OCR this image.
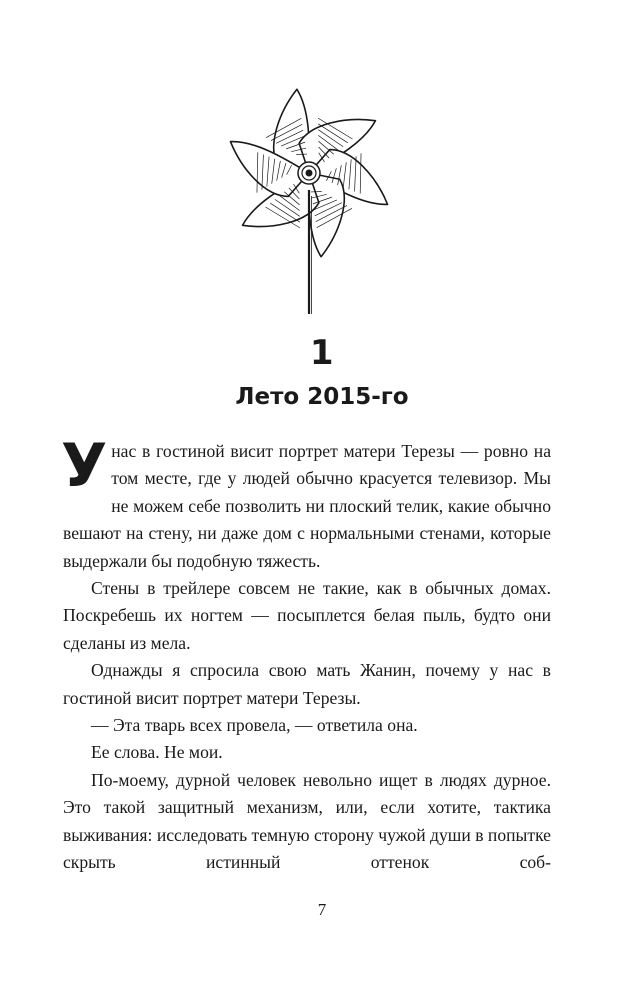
1
Лето 2015-го

Унас в гостиной висит портрет матери Терезы — ровно на том месте, где у людей обычно красуется телевизор. Мы не можем себе позволить ни плоский телик, какие обычно вешают на стену, ни даже дом с нормальными стенами, которые выдержали бы подобную тяжесть.

Стены в трейлере совсем не такие, как в обычных домах. Поскребешь их ногтем — посыплется белая пыль, будто они сделаны из мела.

Однажды я спросила свою мать Жанин, почему у нас в гостиной висит портрет матери Терезы.

— Эта тварь всех провела, — ответила она.

Ее слова. Не мои.

По-моему, дурной человек невольно ищет в людях дурное. Это такой защитный механизм, или, если хотите, тактика выживания: исследовать темную сторону чужой души в попытке скрыть истинный оттенок соб-

7
